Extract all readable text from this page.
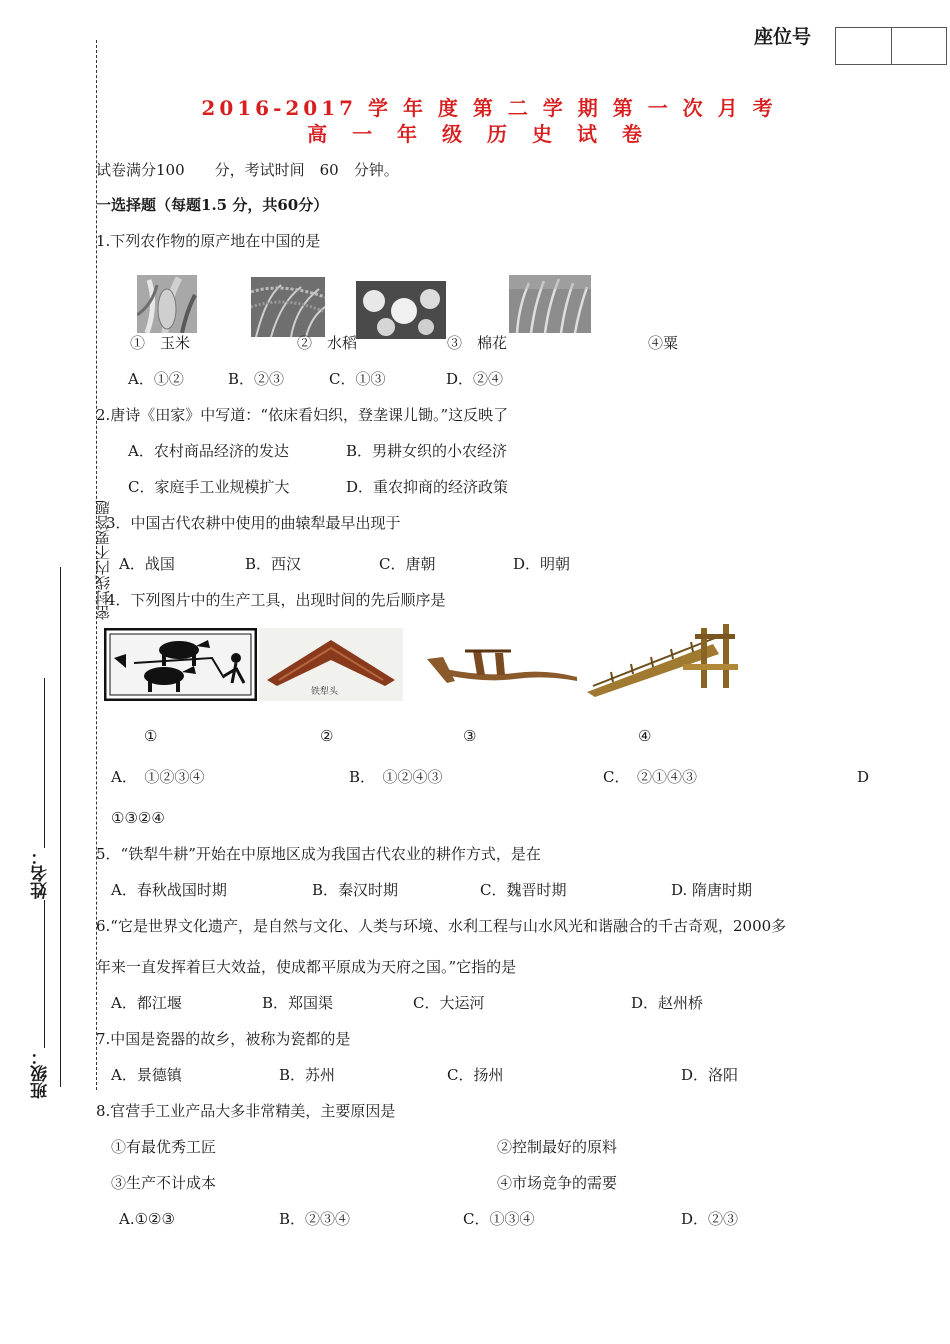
座位号
密封线内不要答题
姓名：
班级：
2016-2017 学 年 度 第 二 学 期 第 一 次 月 考
高 一 年 级 历 史 试 卷
试卷满分100　　分，考试时间　60　分钟。
一选择题（每题1.5 分，共60分）
1.下列农作物的原产地在中国的是
①　玉米	②　水稻	③　棉花	④粟
A．①②	B．②③	C．①③	D．②④
2.唐诗《田家》中写道：“依床看妇织，登垄课儿锄。”这反映了
A．农村商品经济的发达	B．男耕女织的小农经济
C．家庭手工业规模扩大	D．重农抑商的经济政策
3．中国古代农耕中使用的曲辕犁最早出现于
A．战国	B．西汉	C．唐朝	D．明朝
4．下列图片中的生产工具，出现时间的先后顺序是
铁犁头
①	②	③	④
A．　①②③④	B．　①②④③	C．　②①④③	D
①③②④
5．“铁犁牛耕”开始在中原地区成为我国古代农业的耕作方式，是在
A．春秋战国时期	B．秦汉时期	C．魏晋时期	D. 隋唐时期
6.“它是世界文化遗产，是自然与文化、人类与环境、水利工程与山水风光和谐融合的千古奇观，2000多
年来一直发挥着巨大效益，使成都平原成为天府之国。”它指的是
A．都江堰	B．郑国渠	C．大运河	D．赵州桥
7.中国是瓷器的故乡，被称为瓷都的是
A．景德镇	B．苏州	C．扬州	D．洛阳
8.官营手工业产品大多非常精美，主要原因是
①有最优秀工匠	②控制最好的原料
③生产不计成本	④市场竞争的需要
A.①②③	B．②③④	C．①③④	D．②③
